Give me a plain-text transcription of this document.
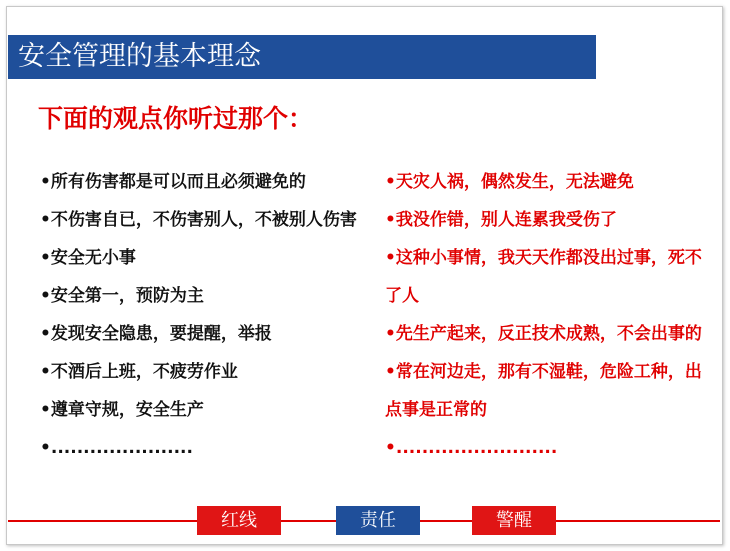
安全管理的基本理念
下面的观点你听过那个：

•所有伤害都是可以而且必须避免的

•不伤害自已，不伤害别人，不被别人伤害

•安全无小事

•安全第一，预防为主

•发现安全隐患，要提醒，举报

•不酒后上班，不疲劳作业

•遵章守规，安全生产

•......................

•天灾人祸，偶然发生，无法避免

•我没作错，别人连累我受伤了

•这种小事情，我天天作都没出过事，死不了人

•先生产起来，反正技术成熟，不会出事的

•常在河边走，那有不湿鞋，危险工种，出点事是正常的

•.........................

红线	责任	警醒
